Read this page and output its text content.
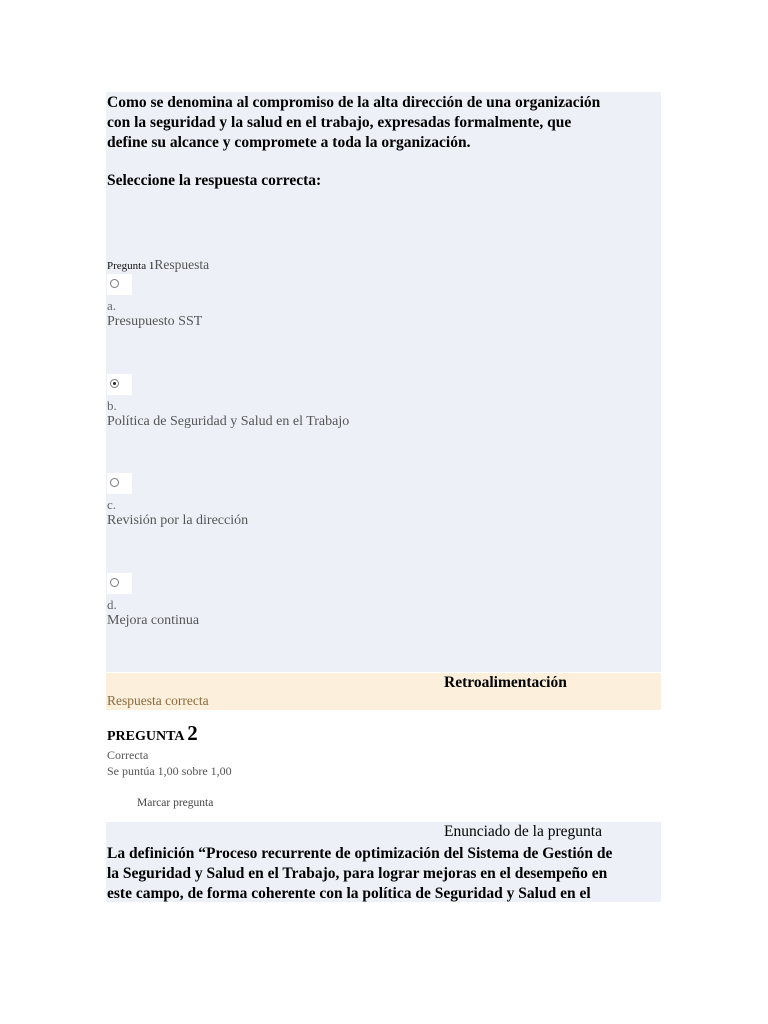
Como se denomina al compromiso de la alta dirección de una organización

con la seguridad y la salud en el trabajo, expresadas formalmente, que

define su alcance y compromete a toda la organización.

Seleccione la respuesta correcta:
Pregunta 1Respuesta
a.
Presupuesto SST
b.
Política de Seguridad y Salud en el Trabajo
c.
Revisión por la dirección
d.
Mejora continua
Retroalimentación
Respuesta correcta
PREGUNTA 2
Correcta
Se puntúa 1,00 sobre 1,00
Marcar pregunta
Enunciado de la pregunta
La definición “Proceso recurrente de optimización del Sistema de Gestión de
la Seguridad y Salud en el Trabajo, para lograr mejoras en el desempeño en
este campo, de forma coherente con la política de Seguridad y Salud en el
